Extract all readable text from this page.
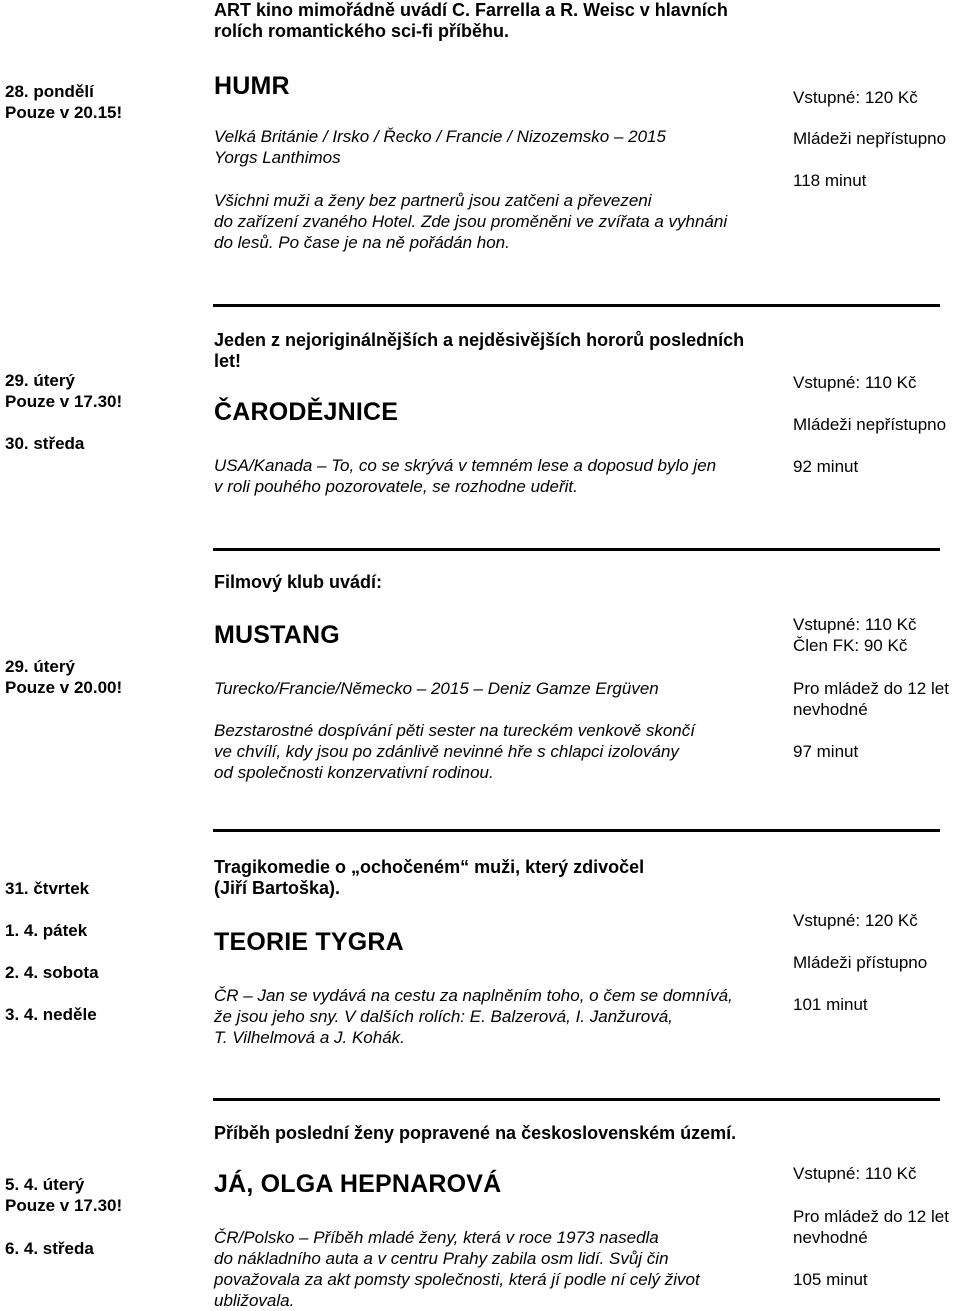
ART kino mimořádně uvádí C. Farrella a R. Weisc v hlavních
rolích romantického sci-fi příběhu.
28. pondělí
Pouze v 20.15!
HUMR
Velká Británie / Irsko / Řecko / Francie / Nizozemsko – 2015
Yorgs Lanthimos
Všichni muži a ženy bez partnerů jsou zatčeni a převezeni
do zařízení zvaného Hotel. Zde jsou proměněni ve zvířata a vyhnáni
do lesů. Po čase je na ně pořádán hon.
Vstupné: 120 Kč
Mládeži nepřístupno
118 minut
Jeden z nejoriginálnějších a nejděsivějších hororů posledních
let!
29. úterý
Pouze v 17.30!
30. středa
ČARODĚJNICE
USA/Kanada – To, co se skrývá v temném lese a doposud bylo jen
v roli pouhého pozorovatele, se rozhodne udeřit.
Vstupné: 110 Kč
Mládeži nepřístupno
92 minut
Filmový klub uvádí:
29. úterý
Pouze v 20.00!
MUSTANG
Turecko/Francie/Německo – 2015 – Deniz Gamze Ergüven
Bezstarostné dospívání pěti sester na tureckém venkově skončí
ve chvílí, kdy jsou po zdánlivě nevinné hře s chlapci izolovány
od společnosti konzervativní rodinou.
Vstupné: 110 Kč
Člen FK: 90 Kč
Pro mládež do 12 let
nevhodné
97 minut
Tragikomedie o „ochočeném“ muži, který zdivočel
(Jiří Bartoška).
31. čtvrtek
1. 4. pátek
2. 4. sobota
3. 4. neděle
TEORIE TYGRA
ČR – Jan se vydává na cestu za naplněním toho, o čem se domnívá,
že jsou jeho sny. V dalších rolích: E. Balzerová, I. Janžurová,
T. Vilhelmová a J. Kohák.
Vstupné: 120 Kč
Mládeži přístupno
101 minut
Příběh poslední ženy popravené na československém území.
5. 4. úterý
Pouze v 17.30!
6. 4. středa
JÁ, OLGA HEPNAROVÁ
ČR/Polsko – Příběh mladé ženy, která v roce 1973 nasedla
do nákladního auta a v centru Prahy zabila osm lidí. Svůj čin
považovala za akt pomsty společnosti, která jí podle ní celý život
ubližovala.
Vstupné: 110 Kč
Pro mládež do 12 let
nevhodné
105 minut
